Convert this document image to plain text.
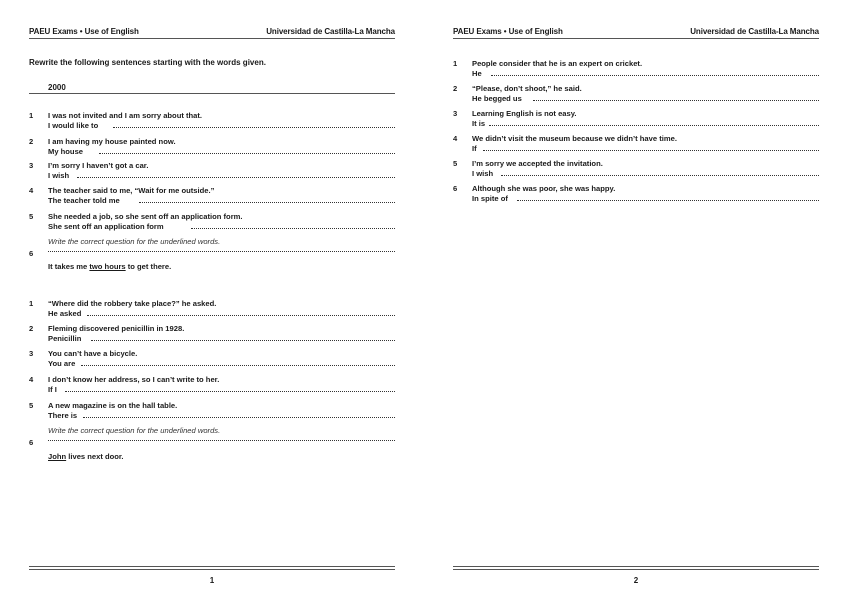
PAEU Exams • Use of English	Universidad de Castilla-La Mancha
Rewrite the following sentences starting with the words given.
2000
1 I was not invited and I am sorry about that.
I would like to
2 I am having my house painted now.
My house
3 I’m sorry I haven’t got a car.
I wish
4 The teacher said to me, “Wait for me outside.”
The teacher told me
5 She needed a job, so she sent off an application form.
She sent off an application form
Write the correct question for the underlined words.
6
It takes me two hours to get there.
1 “Where did the robbery take place?” he asked.
He asked
2 Fleming discovered penicillin in 1928.
Penicillin
3 You can’t have a bicycle.
You are
4 I don’t know her address, so I can’t write to her.
If I
5 A new magazine is on the hall table.
There is
Write the correct question for the underlined words.
6
John lives next door.
1
PAEU Exams • Use of English	Universidad de Castilla-La Mancha
1 People consider that he is an expert on cricket.
He
2 “Please, don’t shoot,” he said.
He begged us
3 Learning English is not easy.
It is
4 We didn’t visit the museum because we didn’t have time.
If
5 I’m sorry we accepted the invitation.
I wish
6 Although she was poor, she was happy.
In spite of
2
